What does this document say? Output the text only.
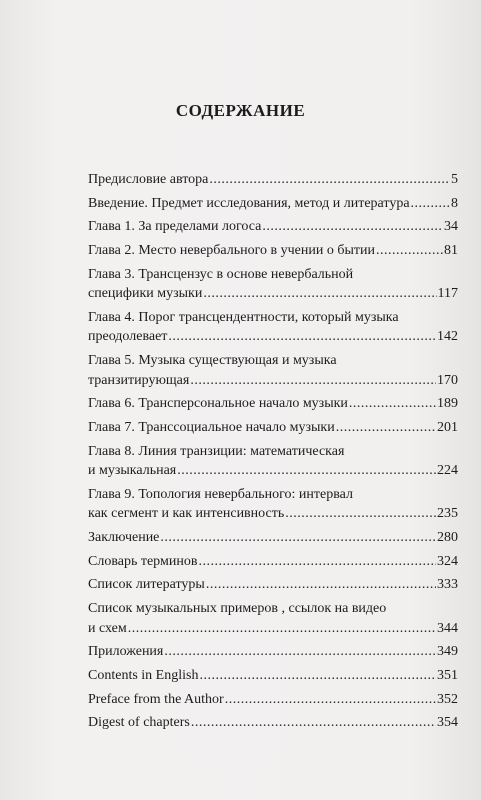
СОДЕРЖАНИЕ
Предисловие автора .....	5
Введение. Предмет исследования, метод и литература .....	8
Глава 1. За пределами логоса .....	34
Глава 2. Место невербального в учении о бытии .....	81
Глава 3. Трансцензус в основе невербальной
специфики музыки .....	117
Глава 4. Порог трансцендентности, который музыка
преодолевает .....	142
Глава 5. Музыка существующая и музыка
транзитирующая .....	170
Глава 6. Трансперсональное начало музыки .....	189
Глава 7. Транссоциальное начало музыки .....	201
Глава 8. Линия транзиции: математическая
и музыкальная .....	224
Глава 9. Топология невербального: интервал
как сегмент и как интенсивность .....	235
Заключение .....	280
Словарь терминов .....	324
Список литературы .....	333
Список музыкальных примеров , ссылок на видео
и схем .....	344
Приложения .....	349
Contents in English .....	351
Preface from the Author .....	352
Digest of chapters .....	354
